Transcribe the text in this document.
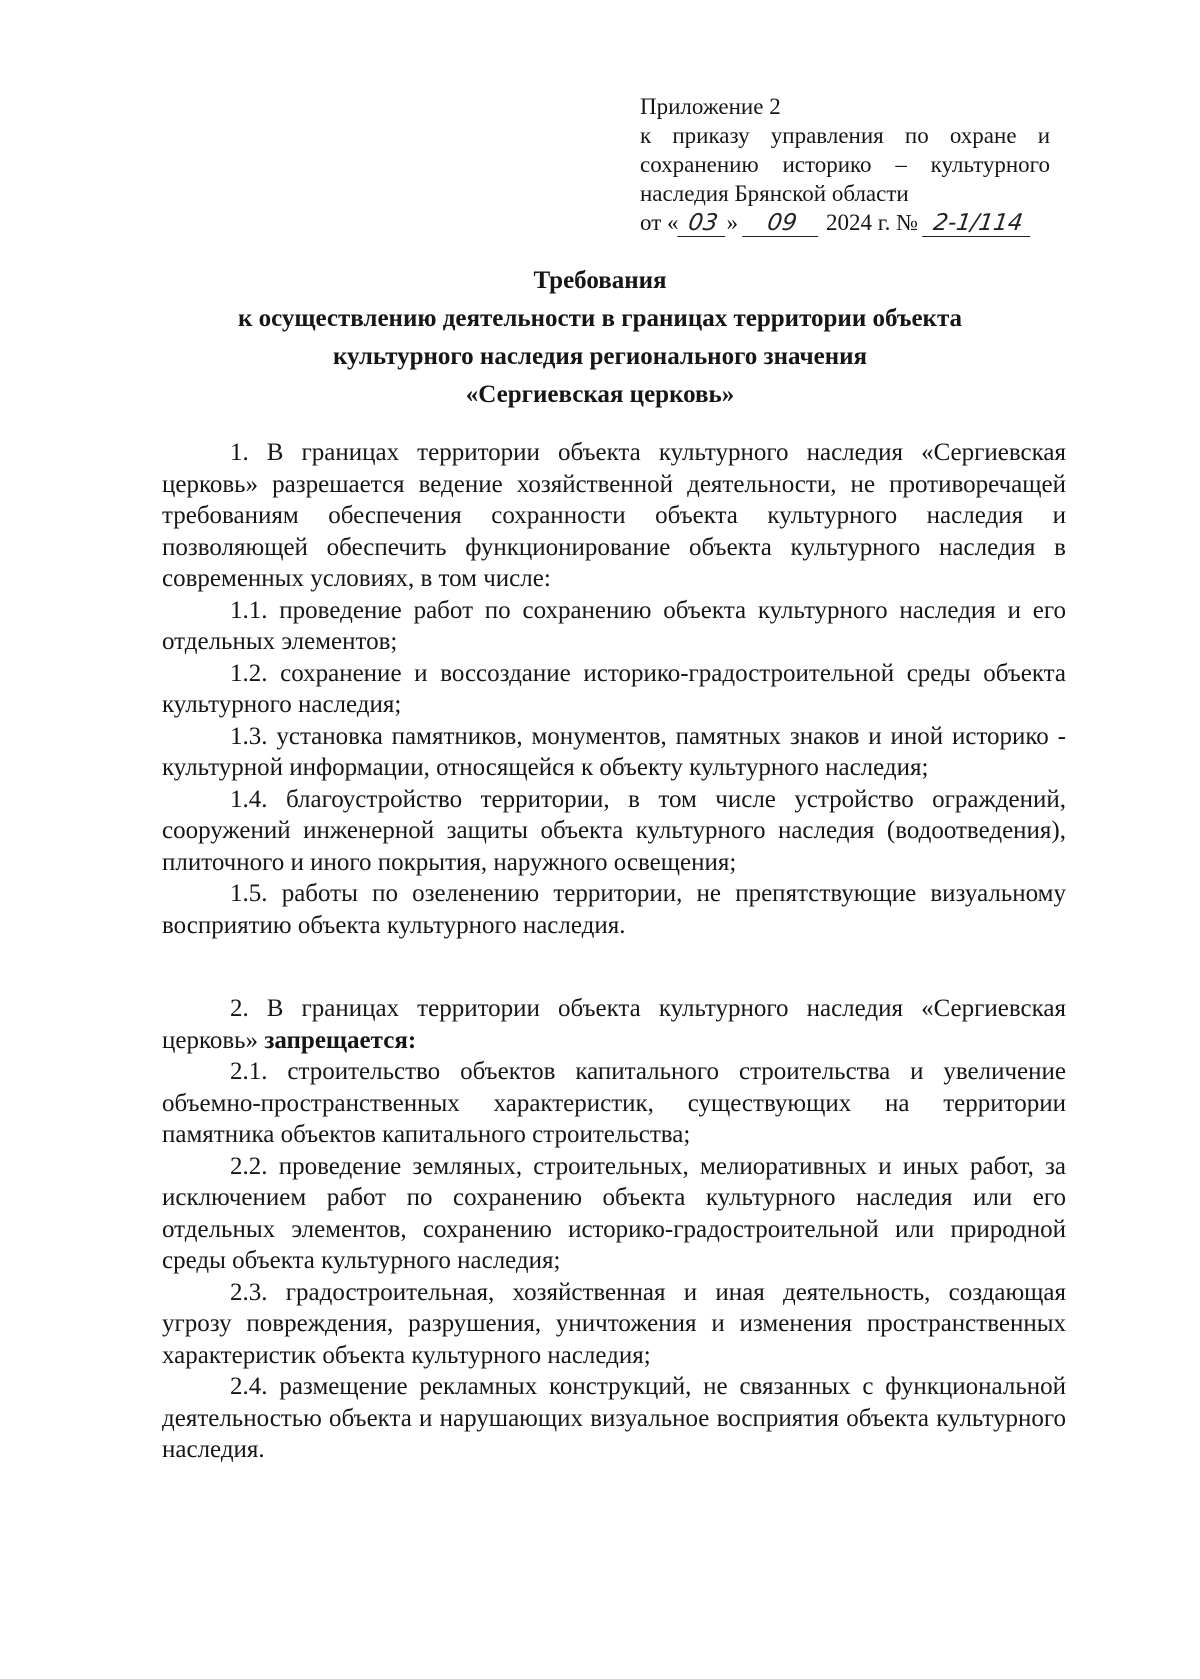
Приложение 2
к приказу управления по охране и
сохранению историко – культурного
наследия Брянской области
от « 03 »	09	2024 г. № 2-1/114
Требования
к осуществлению деятельности в границах территории объекта
культурного наследия регионального значения
«Сергиевская церковь»

1. В границах территории объекта культурного наследия «Сергиевская церковь» разрешается ведение хозяйственной деятельности, не противоречащей требованиям обеспечения сохранности объекта культурного наследия и позволяющей обеспечить функционирование объекта культурного наследия в современных условиях, в том числе:

1.1. проведение работ по сохранению объекта культурного наследия и его отдельных элементов;

1.2. сохранение и воссоздание историко-градостроительной среды объекта культурного наследия;

1.3. установка памятников, монументов, памятных знаков и иной историко - культурной информации, относящейся к объекту культурного наследия;

1.4. благоустройство территории, в том числе устройство ограждений, сооружений инженерной защиты объекта культурного наследия (водоотведения), плиточного и иного покрытия, наружного освещения;

1.5. работы по озеленению территории, не препятствующие визуальному восприятию объекта культурного наследия.

2. В границах территории объекта культурного наследия «Сергиевская церковь» запрещается:

2.1. строительство объектов капитального строительства и увеличение объемно-пространственных характеристик, существующих на территории памятника объектов капитального строительства;

2.2. проведение земляных, строительных, мелиоративных и иных работ, за исключением работ по сохранению объекта культурного наследия или его отдельных элементов, сохранению историко-градостроительной или природной среды объекта культурного наследия;

2.3. градостроительная, хозяйственная и иная деятельность, создающая угрозу повреждения, разрушения, уничтожения и изменения пространственных характеристик объекта культурного наследия;

2.4. размещение рекламных конструкций, не связанных с функциональной деятельностью объекта и нарушающих визуальное восприятия объекта культурного наследия.
